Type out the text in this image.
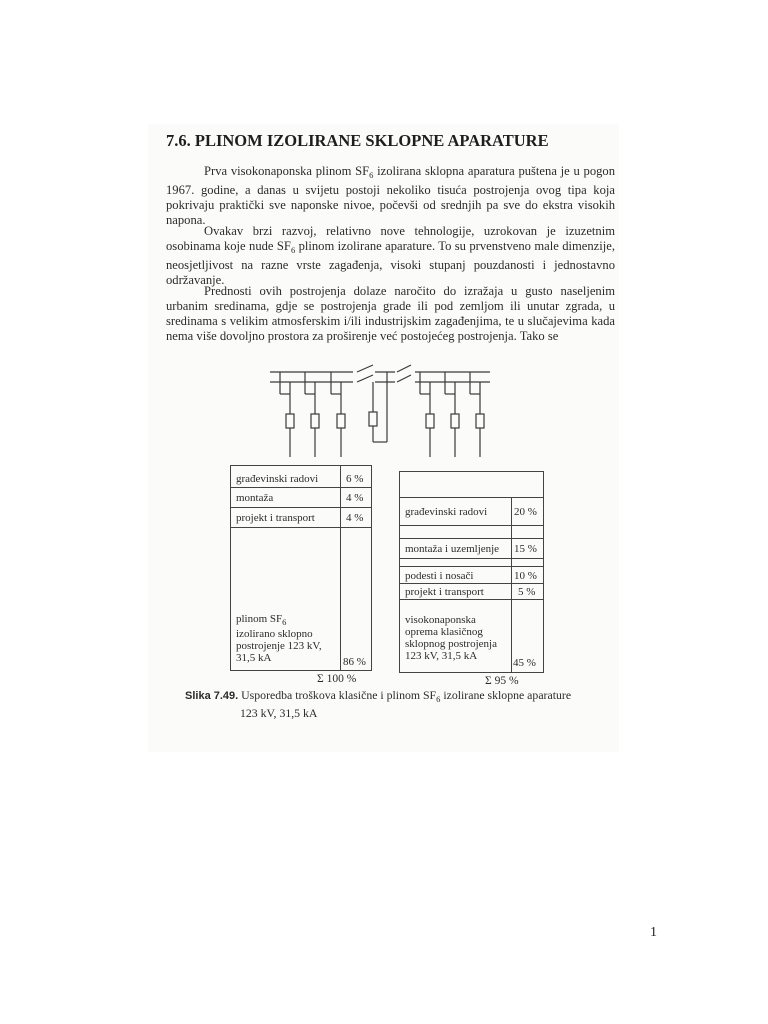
7.6. PLINOM IZOLIRANE SKLOPNE APARATURE

Prva visokonaponska plinom $SF_6$ izolirana sklopna aparatura puštena je u pogon 1967. godine, a danas u svijetu postoji nekoliko tisuća postrojenja ovog tipa koja pokrivaju praktički sve naponske nivoe, počevši od srednjih pa sve do ekstra visokih napona.

Ovakav brzi razvoj, relativno nove tehnologije, uzrokovan je izuzetnim osobinama koje nude $SF_6$ plinom izolirane aparature. To su prvenstveno male dimenzije, neosjetljivost na razne vrste zagađenja, visoki stupanj pouzdanosti i jednostavno održavanje.

Prednosti ovih postrojenja dolaze naročito do izražaja u gusto naseljenim urbanim sredinama, gdje se postrojenja grade ili pod zemljom ili unutar zgrada, u sredinama s velikim atmosferskim i/ili industrijskim zagađenjima, te u slučajevima kada nema više dovoljno prostora za proširenje već postojećeg postrojenja. Tako se

građevinski radovi	6 %
montaža	4 %
projekt i transport	4 %
plinom $SF_6$
izolirano sklopno postrojenje 123 kV, 31,5 kA	86 %
Σ 100 %
građevinski radovi 20 %
montaža i uzemljenje 15 %
podesti i nosači	10 %
projekt i transport	5 %
visokonaponska oprema klasičnog sklopnog postrojenja 123 kV, 31,5 kA
45 %
Σ 95 %
Slika 7.49. Usporedba troškova klasične i plinom $SF_6$ izolirane sklopne aparature
123 kV, 31,5 kA
1
